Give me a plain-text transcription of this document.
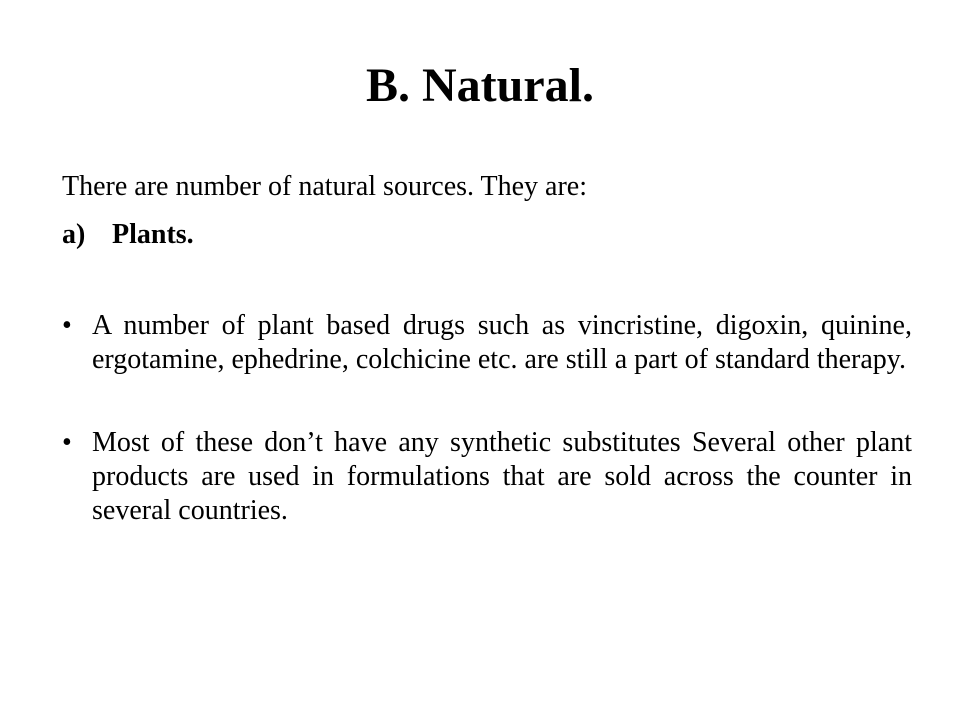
B. Natural.

There are number of natural sources. They are:

a) Plants.
• A number of plant based drugs such as vincristine, digoxin, quinine, ergotamine, ephedrine, colchicine etc. are still a part of standard therapy.

• Most of these don’t have any synthetic substitutes Several other plant products are used in formulations that are sold across the counter in several countries.
